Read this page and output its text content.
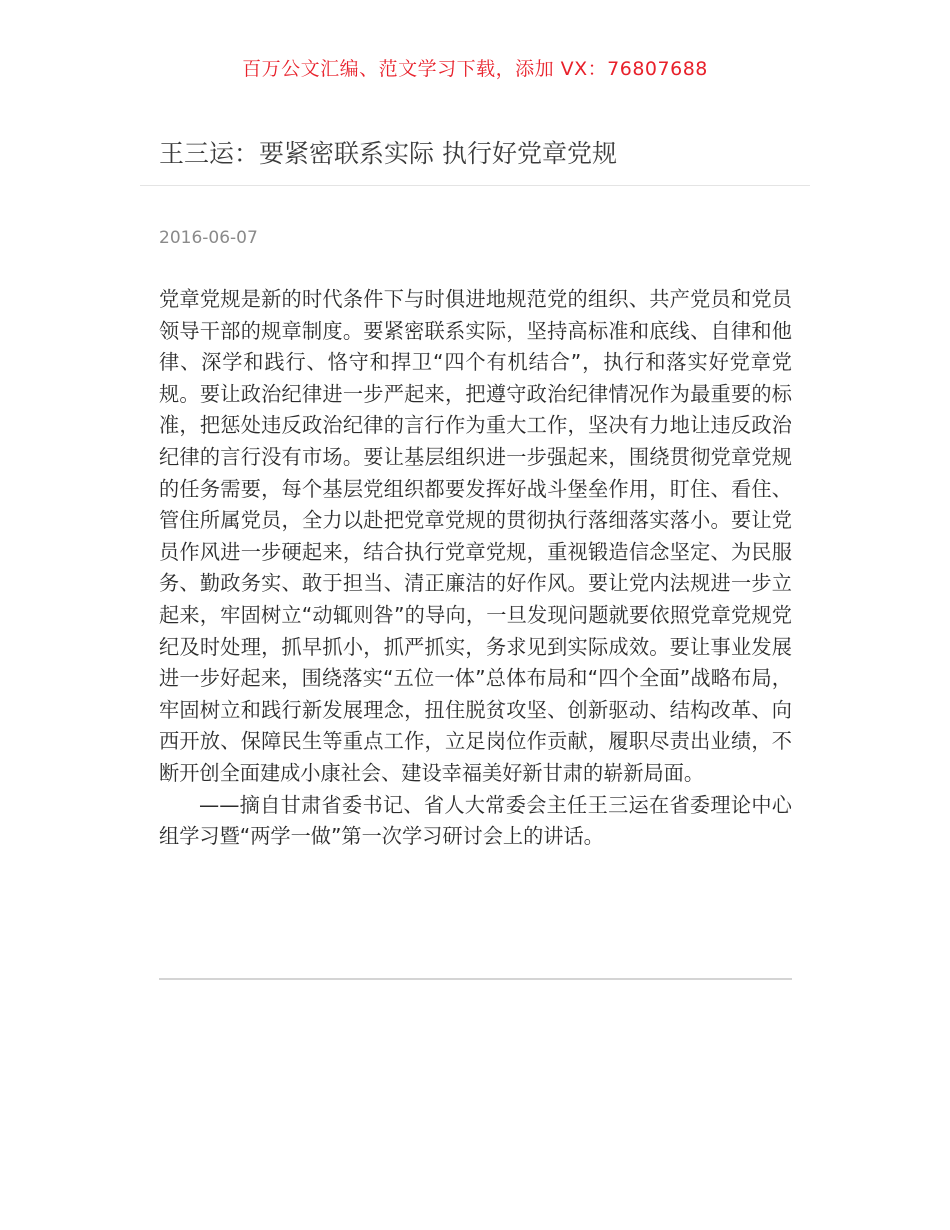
百万公文汇编、范文学习下载，添加 VX：76807688
王三运：要紧密联系实际 执行好党章党规
2016-06-07

党章党规是新的时代条件下与时俱进地规范党的组织、共产党员和党员领导干部的规章制度。要紧密联系实际，坚持高标准和底线、自律和他律、深学和践行、恪守和捍卫“四个有机结合”，执行和落实好党章党规。要让政治纪律进一步严起来，把遵守政治纪律情况作为最重要的标准，把惩处违反政治纪律的言行作为重大工作，坚决有力地让违反政治纪律的言行没有市场。要让基层组织进一步强起来，围绕贯彻党章党规的任务需要，每个基层党组织都要发挥好战斗堡垒作用，盯住、看住、管住所属党员，全力以赴把党章党规的贯彻执行落细落实落小。要让党员作风进一步硬起来，结合执行党章党规，重视锻造信念坚定、为民服务、勤政务实、敢于担当、清正廉洁的好作风。要让党内法规进一步立起来，牢固树立“动辄则咎”的导向，一旦发现问题就要依照党章党规党纪及时处理，抓早抓小，抓严抓实，务求见到实际成效。要让事业发展进一步好起来，围绕落实“五位一体”总体布局和“四个全面”战略布局，牢固树立和践行新发展理念，扭住脱贫攻坚、创新驱动、结构改革、向西开放、保障民生等重点工作，立足岗位作贡献，履职尽责出业绩，不断开创全面建成小康社会、建设幸福美好新甘肃的崭新局面。

——摘自甘肃省委书记、省人大常委会主任王三运在省委理论中心组学习暨“两学一做”第一次学习研讨会上的讲话。
